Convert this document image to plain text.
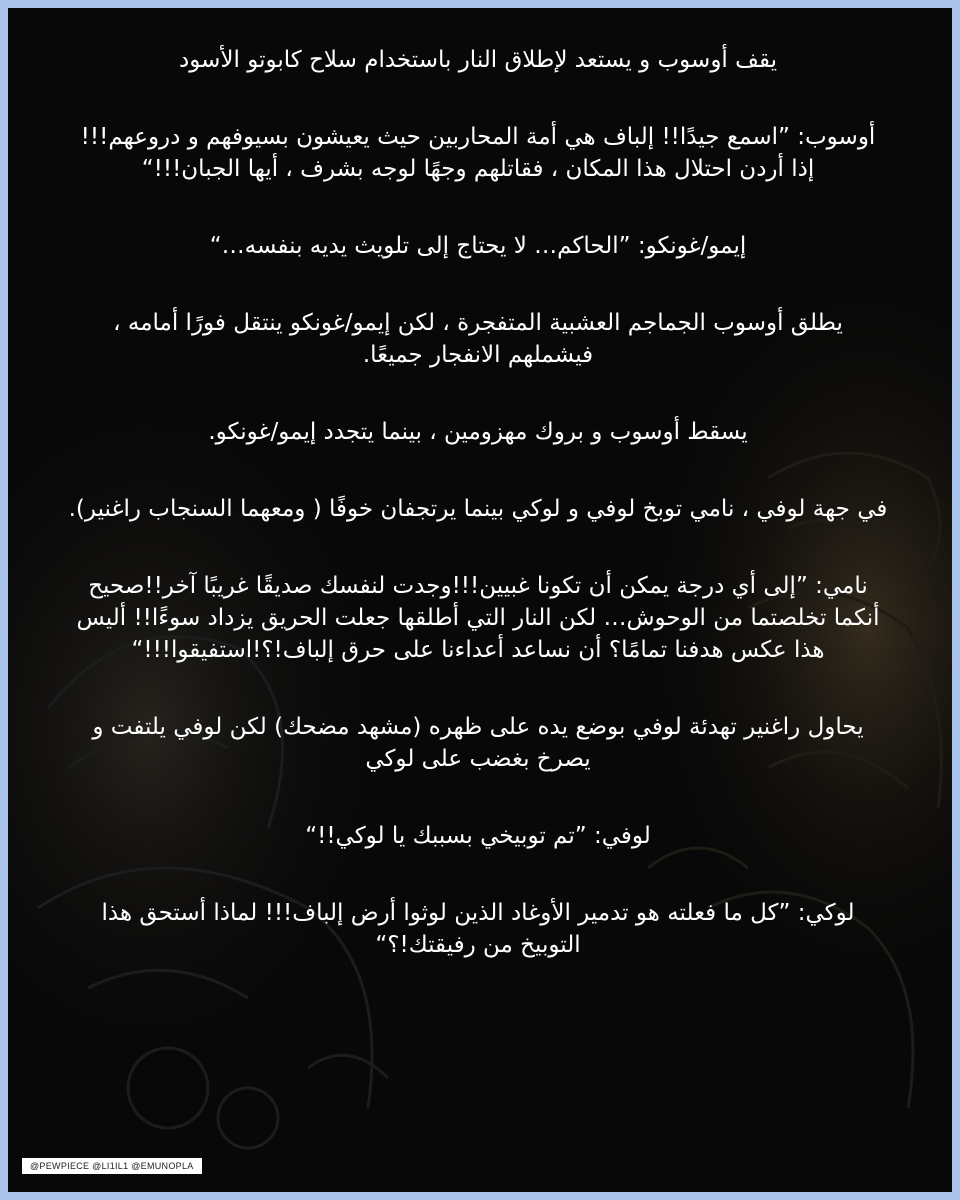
يقف أوسوب و يستعد لإطلاق النار باستخدام سلاح كابوتو الأسود

أوسوب: ”اسمع جيدًا!! إلباف هي أمة المحاربين حيث يعيشون بسيوفهم و دروعهم!!! إذا أردن احتلال هذا المكان ، فقاتلهم وجهًا لوجه بشرف ، أيها الجبان!!!“

إيمو/غونكو: ”الحاكم… لا يحتاج إلى تلويث يديه بنفسه…“

يطلق أوسوب الجماجم العشبية المتفجرة ، لكن إيمو/غونكو ينتقل فورًا أمامه ، فيشملهم الانفجار جميعًا.

يسقط أوسوب و بروك مهزومين ، بينما يتجدد إيمو/غونكو.

في جهة لوفي ، نامي توبخ لوفي و لوكي بينما يرتجفان خوفًا ( ومعهما السنجاب راغنير).

نامي: ”إلى أي درجة يمكن أن تكونا غبيين!!!وجدت لنفسك صديقًا غريبًا آخر!!صحيح أنكما تخلصتما من الوحوش… لكن النار التي أطلقها جعلت الحريق يزداد سوءًا!! أليس هذا عكس هدفنا تمامًا؟ أن نساعد أعداءنا على حرق إلباف!؟!استفيقوا!!!“

يحاول راغنير تهدئة لوفي بوضع يده على ظهره (مشهد مضحك) لكن لوفي يلتفت و يصرخ بغضب على لوكي

لوفي: ”تم توبيخي بسببك يا لوكي!!“

لوكي: ”كل ما فعلته هو تدمير الأوغاد الذين لوثوا أرض إلباف!!! لماذا أستحق هذا التوبيخ من رفيقتك!؟“

@PEWPIECE @LI1IL1 @EMUNOPLA
